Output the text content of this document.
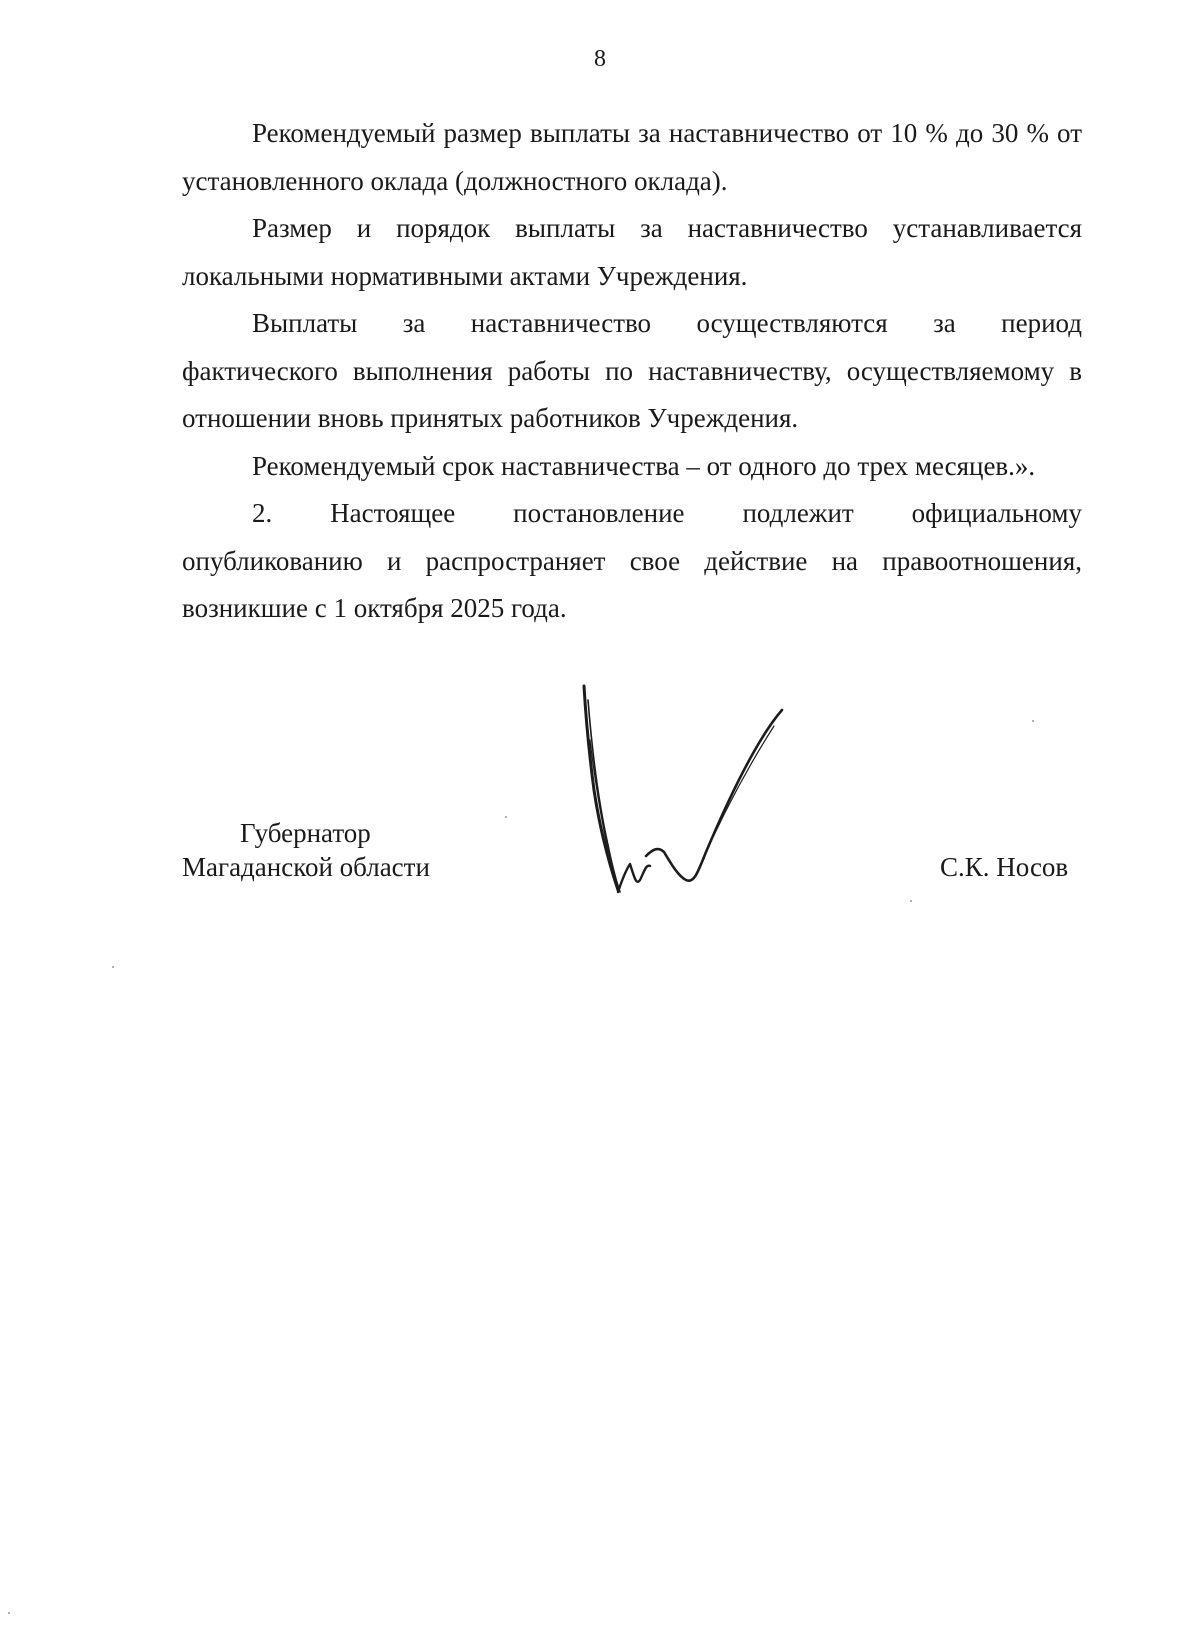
8

Рекомендуемый размер выплаты за наставничество от 10 % до 30 % от установленного оклада (должностного оклада).

Размер и порядок выплаты за наставничество устанавливается локальными нормативными актами Учреждения.

Выплаты за наставничество осуществляются за период

фактического выполнения работы по наставничеству, осуществляемому в отношении вновь принятых работников Учреждения.

Рекомендуемый срок наставничества – от одного до трех месяцев.».

2. Настоящее постановление подлежит официальному

опубликованию и распространяет свое действие на правоотношения, возникшие с 1 октября 2025 года.

Губернатор
Магаданской области	С.К. Носов
